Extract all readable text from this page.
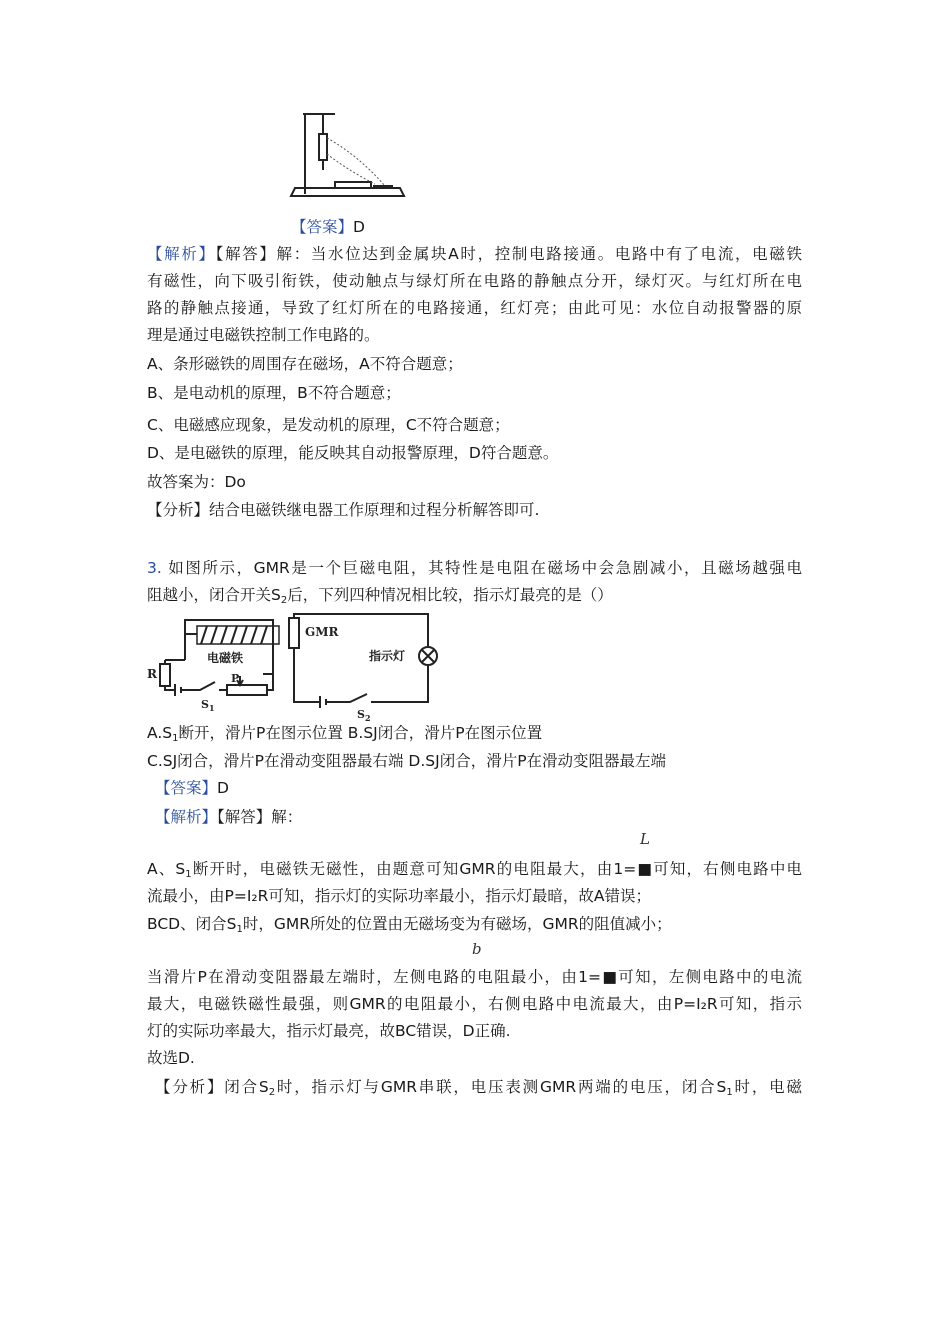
【答案】D
【解析】【解答】解：当水位达到金属块A时，控制电路接通。电路中有了电流，电磁铁
有磁性，向下吸引衔铁，使动触点与绿灯所在电路的静触点分开，绿灯灭。与红灯所在电
路的静触点接通，导致了红灯所在的电路接通，红灯亮；由此可见：水位自动报警器的原
理是通过电磁铁控制工作电路的。
A、条形磁铁的周围存在磁场，A不符合题意；
B、是电动机的原理，B不符合题意；
C、电磁感应现象，是发动机的原理，C不符合题意；
D、是电磁铁的原理，能反映其自动报警原理，D符合题意。
故答案为：Do
【分析】结合电磁铁继电器工作原理和过程分析解答即可.
3. 如图所示，GMR是一个巨磁电阻，其特性是电阻在磁场中会急剧减小，且磁场越强电
阻越小，闭合开关$S_2$后，下列四种情况相比较，指示灯最亮的是（）
GMR
电磁铁	指示灯
R	P
$S_1$	$S_2$
$A.S_1$断开，滑片P在图示位置 B.SJ闭合，滑片P在图示位置
C.SJ闭合，滑片P在滑动变阻器最右端 D.SJ闭合，滑片P在滑动变阻器最左端
【答案】D
【解析】【解答】解：
L
A、$S_1$断开时，电磁铁无磁性，由题意可知GMR的电阻最大，由1=■可知，右侧电路中电
流最小，由P=I₂R可知，指示灯的实际功率最小，指示灯最暗，故A错误；
BCD、闭合$S_1$时，GMR所处的位置由无磁场变为有磁场，GMR的阻值减小；
b
当滑片P在滑动变阻器最左端时，左侧电路的电阻最小，由1=■可知，左侧电路中的电流
最大，电磁铁磁性最强，则GMR的电阻最小，右侧电路中电流最大，由P=I₂R可知，指示
灯的实际功率最大，指示灯最亮，故BC错误，D正确.
故选D.
【分析】闭合$S_2$时，指示灯与GMR串联，电压表测GMR两端的电压，闭合$S_1$时，电磁
